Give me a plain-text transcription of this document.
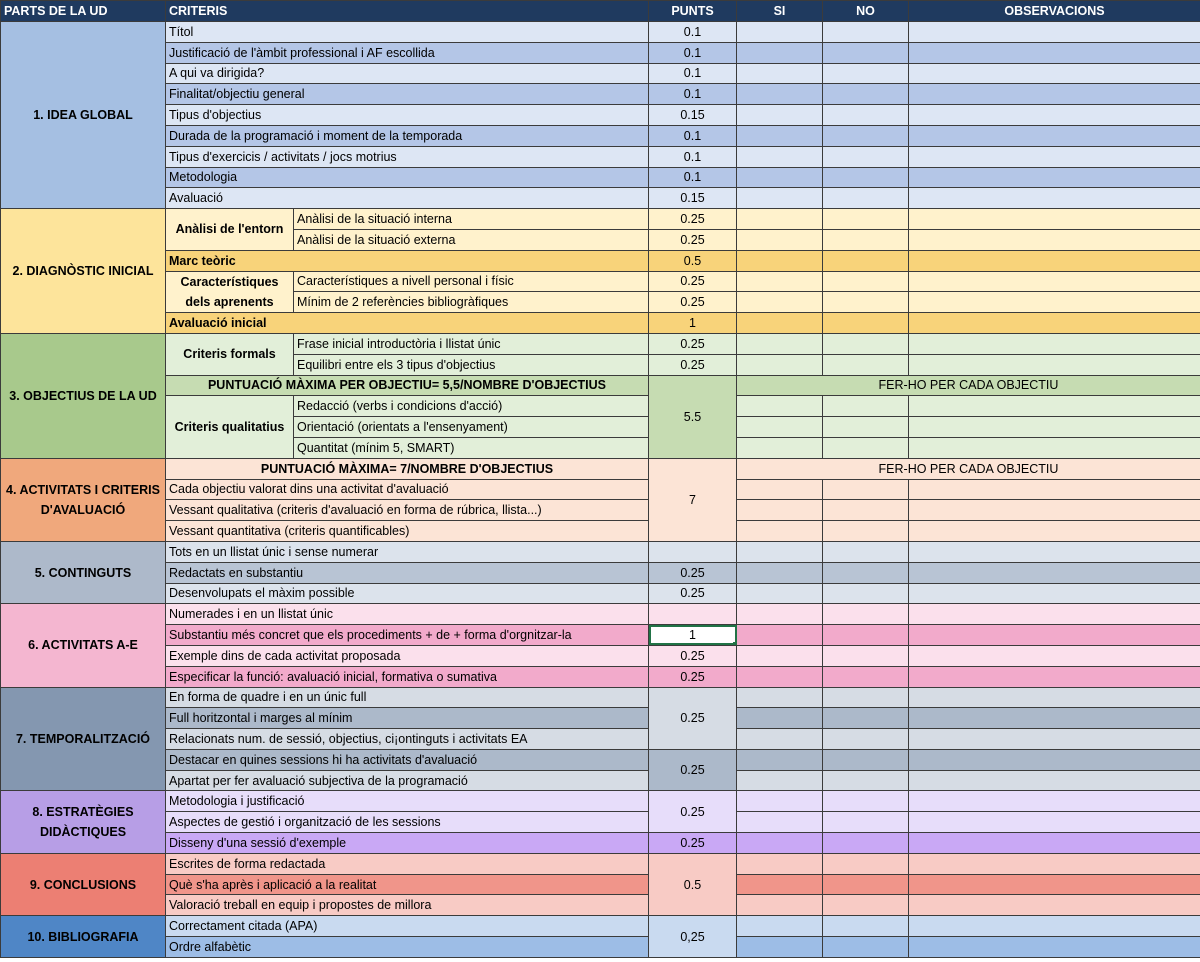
PARTS DE LA UD	CRITERIS		PUNTS	SI	NO	OBSERVACIONS
1. IDEA GLOBAL	Títol		0.1			
	Justificació de l'àmbit professional i AF escollida		0.1			
	A qui va dirigida?		0.1			
	Finalitat/objectiu general		0.1			
	Tipus d'objectius		0.15			
	Durada de la programació i moment de la temporada		0.1			
	Tipus d'exercicis / activitats / jocs motrius		0.1			
	Metodologia		0.1			
	Avaluació		0.15			
2. DIAGNÒSTIC INICIAL	Anàlisi de l'entorn	Anàlisi de la situació interna	0.25			
		Anàlisi de la situació externa	0.25			
	Marc teòric		0.5			
	Característiques dels aprenents	Característiques a nivell personal i físic	0.25			
		Mínim de 2 referències bibliogràfiques	0.25			
	Avaluació inicial		1			
3. OBJECTIUS DE LA UD	Criteris formals	Frase inicial introductòria i llistat únic	0.25			
		Equilibri entre els 3 tipus d'objectius	0.25			
	PUNTUACIÓ MÀXIMA PER OBJECTIU= 5,5/NOMBRE D'OBJECTIUS		5.5	FER-HO PER CADA OBJECTIU		
	Criteris qualitatius	Redacció (verbs i condicions d'acció)				
		Orientació (orientats a l'ensenyament)				
		Quantitat (mínim 5, SMART)				
4. ACTIVITATS I CRITERIS D'AVALUACIÓ	PUNTUACIÓ MÀXIMA= 7/NOMBRE D'OBJECTIUS		7	FER-HO PER CADA OBJECTIU		
	Cada objectiu valorat dins una activitat d'avaluació					
	Vessant qualitativa (criteris d'avaluació en forma de rúbrica, llista...)					
	Vessant quantitativa (criteris quantificables)					
5. CONTINGUTS	Tots en un llistat únic i sense numerar					
	Redactats en substantiu		0.25			
	Desenvolupats el màxim possible		0.25			
6. ACTIVITATS A-E	Numerades i en un llistat únic					
	Substantiu més concret que els procediments + de + forma d'orgnitzar-la		1			
	Exemple dins de cada activitat proposada		0.25			
	Especificar la funció: avaluació inicial, formativa o sumativa		0.25			
7. TEMPORALITZACIÓ	En forma de quadre i en un únic full		0.25			
	Full horitzontal i marges al mínim					
	Relacionats num. de sessió, objectius, ci¡ontinguts i activitats EA					
	Destacar en quines sessions hi ha activitats d'avaluació		0.25			
	Apartat per fer avaluació subjectiva de la programació					
8. ESTRATÈGIES DIDÀCTIQUES	Metodologia i justificació		0.25			
	Aspectes de gestió i organització de les sessions					
	Disseny d'una sessió d'exemple		0.25			
9. CONCLUSIONS	Escrites de forma redactada		0.5			
	Què s'ha après i aplicació a la realitat					
	Valoració treball en equip i propostes de millora					
10. BIBLIOGRAFIA	Correctament citada (APA)		0,25			
	Ordre alfabètic					
